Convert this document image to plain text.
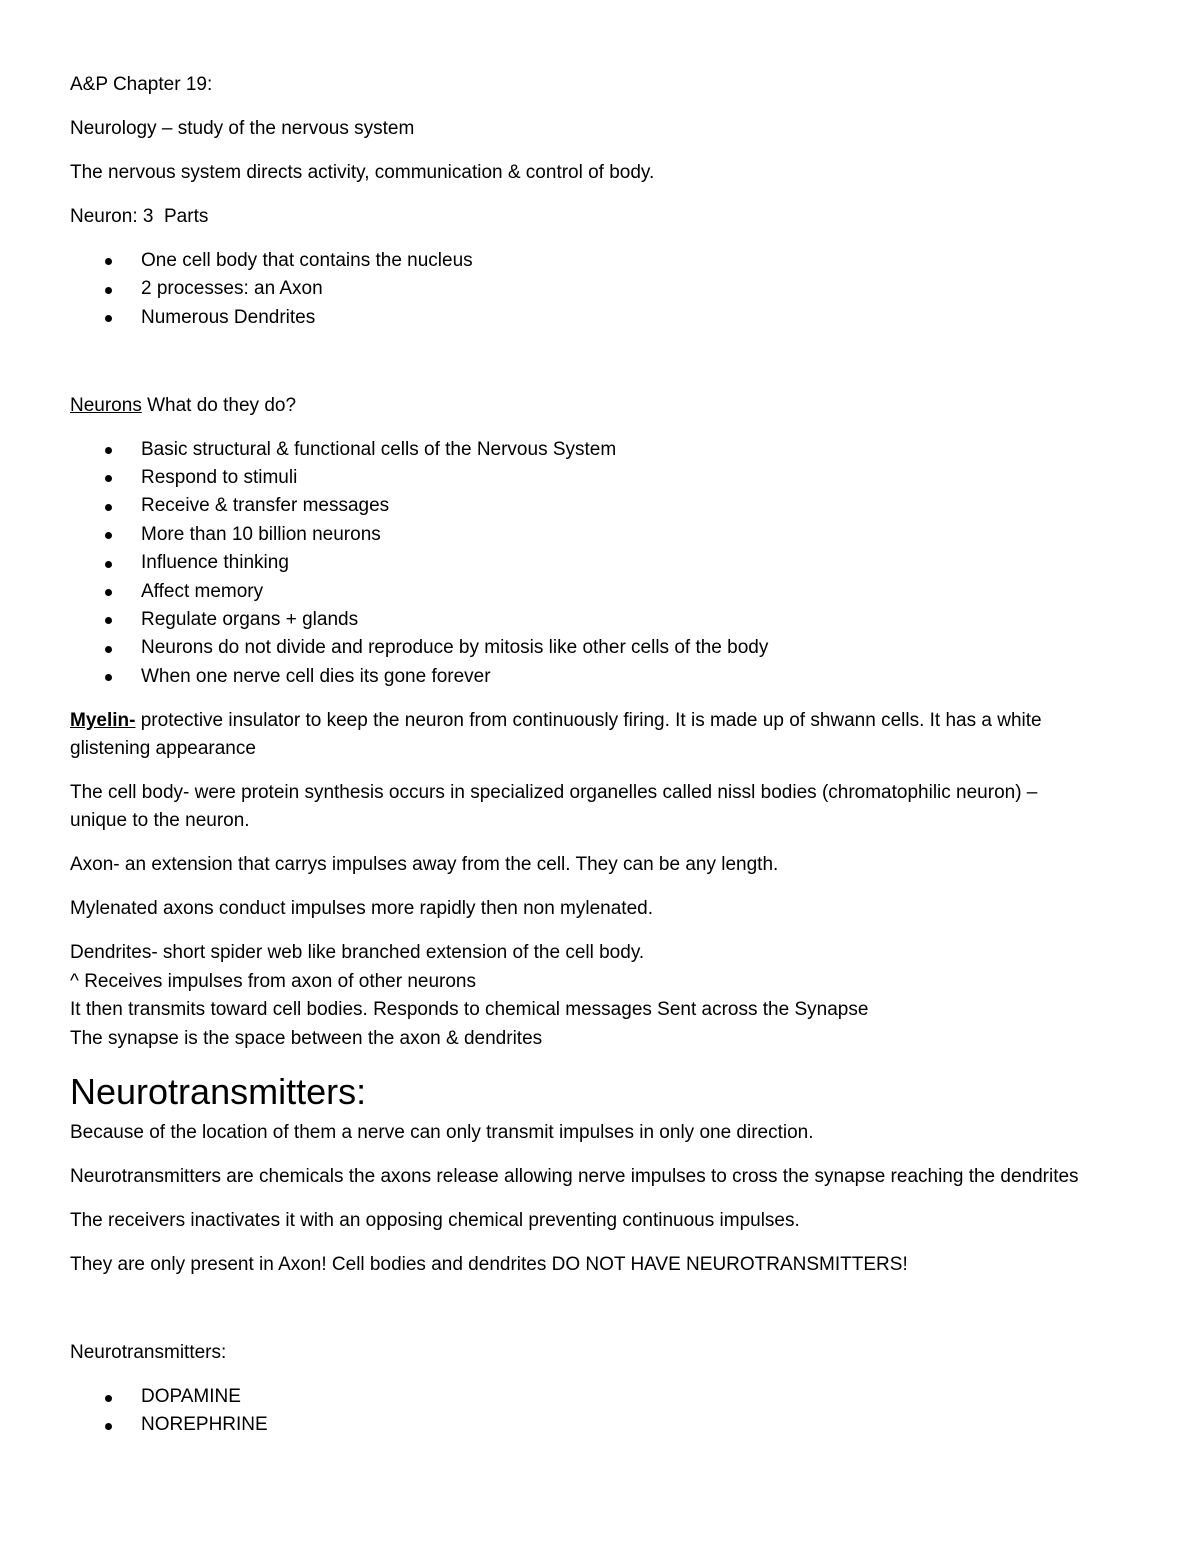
A&P Chapter 19:

Neurology – study of the nervous system

The nervous system directs activity, communication & control of body.

Neuron: 3  Parts

One cell body that contains the nucleus
2 processes: an Axon
Numerous Dendrites

Neurons What do they do?

Basic structural & functional cells of the Nervous System
Respond to stimuli
Receive & transfer messages
More than 10 billion neurons
Influence thinking
Affect memory
Regulate organs + glands
Neurons do not divide and reproduce by mitosis like other cells of the body
When one nerve cell dies its gone forever

Myelin- protective insulator to keep the neuron from continuously firing. It is made up of shwann cells. It has a white
glistening appearance

The cell body- were protein synthesis occurs in specialized organelles called nissl bodies (chromatophilic neuron) –
unique to the neuron.

Axon- an extension that carrys impulses away from the cell. They can be any length.

Mylenated axons conduct impulses more rapidly then non mylenated.

Dendrites- short spider web like branched extension of the cell body.
^ Receives impulses from axon of other neurons
It then transmits toward cell bodies. Responds to chemical messages Sent across the Synapse
The synapse is the space between the axon & dendrites

Neurotransmitters:

Because of the location of them a nerve can only transmit impulses in only one direction.

Neurotransmitters are chemicals the axons release allowing nerve impulses to cross the synapse reaching the dendrites

The receivers inactivates it with an opposing chemical preventing continuous impulses.

They are only present in Axon! Cell bodies and dendrites DO NOT HAVE NEUROTRANSMITTERS!

Neurotransmitters:

DOPAMINE
NOREPHRINE
